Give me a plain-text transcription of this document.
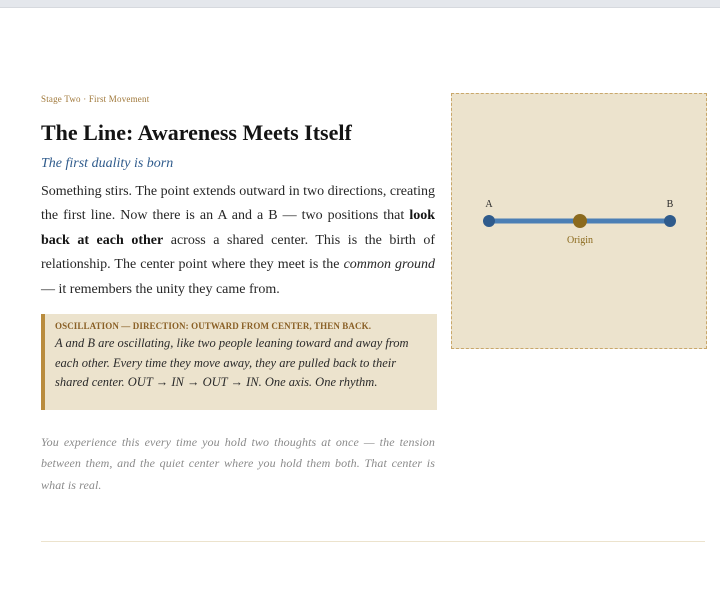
Stage Two · First Movement

The Line: Awareness Meets Itself

The first duality is born

Something stirs. The point extends outward in two directions, creating the first line. Now there is an A and a B — two positions that look back at each other across a shared center. This is the birth of relationship. The center point where they meet is the common ground — it remembers the unity they came from.

OSCILLATION — DIRECTION: OUTWARD FROM CENTER, THEN BACK.

A and B are oscillating, like two people leaning toward and away from each other. Every time they move away, they are pulled back to their shared center. OUT → IN → OUT → IN. One axis. One rhythm.

You experience this every time you hold two thoughts at once — the tension between them, and the quiet center where you hold them both. That center is what is real.

A	B
Origin
